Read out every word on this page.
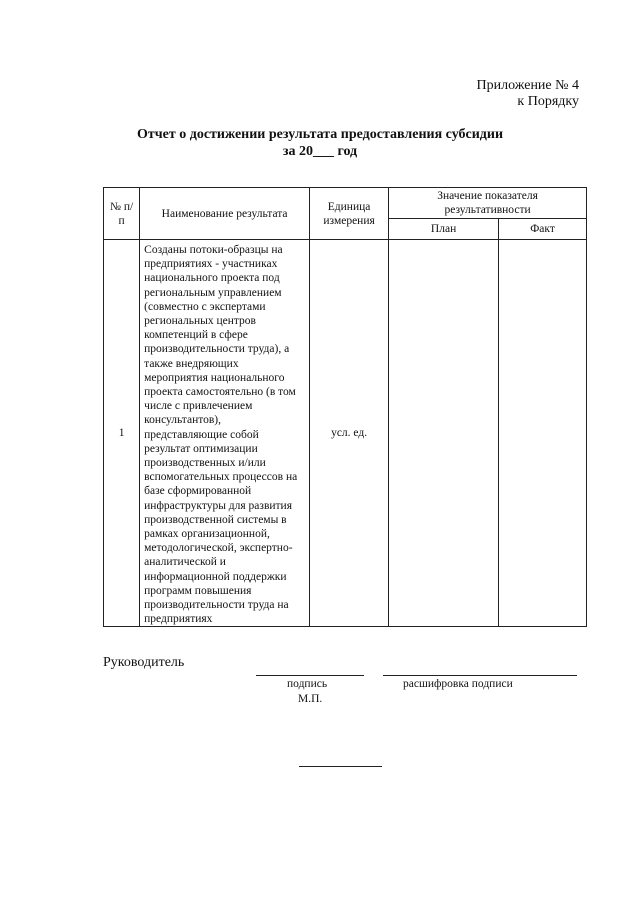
Приложение № 4
к Порядку
Отчет о достижении результата предоставления субсидии
за 20___ год
№ п/п	Наименование результата	Единица измерения	Значение показателя результативности	
			План	Факт
1	Созданы потоки-образцы на предприятиях - участниках национального проекта под региональным управлением (совместно с экспертами региональных центров компетенций в сфере производительности труда), а также внедряющих мероприятия национального проекта самостоятельно (в том числе с привлечением консультантов), представляющие собой результат оптимизации производственных и/или вспомогательных процессов на базе сформированной инфраструктуры для развития производственной системы в рамках организационной, методологической, экспертно-аналитической и информационной поддержки программ повышения производительности труда на предприятиях	усл. ед.		
Руководитель
подпись	расшифровка подписи
М.П.
